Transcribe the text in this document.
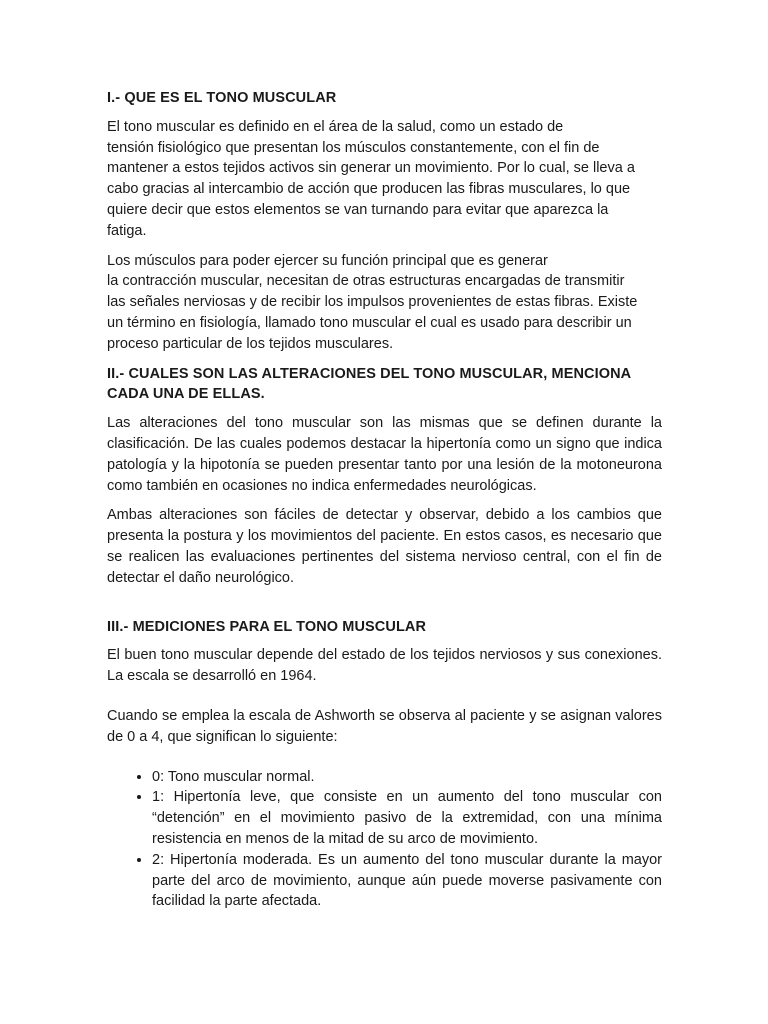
I.- QUE ES EL TONO MUSCULAR

El tono muscular es definido en el área de la salud, como un estado de
tensión fisiológico que presentan los músculos constantemente, con el fin de
mantener a estos tejidos activos sin generar un movimiento. Por lo cual, se lleva a
cabo gracias al intercambio de acción que producen las fibras musculares, lo que
quiere decir que estos elementos se van turnando para evitar que aparezca la
fatiga.

Los músculos para poder ejercer su función principal que es generar
la contracción muscular, necesitan de otras estructuras encargadas de transmitir
las señales nerviosas y de recibir los impulsos provenientes de estas fibras. Existe
un término en fisiología, llamado tono muscular el cual es usado para describir un
proceso particular de los tejidos musculares.

II.- CUALES SON LAS ALTERACIONES DEL TONO MUSCULAR, MENCIONA CADA UNA DE ELLAS.

Las alteraciones del tono muscular son las mismas que se definen durante la clasificación. De las cuales podemos destacar la hipertonía como un signo que indica patología y la hipotonía se pueden presentar tanto por una lesión de la motoneurona como también en ocasiones no indica enfermedades neurológicas.

Ambas alteraciones son fáciles de detectar y observar, debido a los cambios que presenta la postura y los movimientos del paciente. En estos casos, es necesario que se realicen las evaluaciones pertinentes del sistema nervioso central, con el fin de detectar el daño neurológico.

III.- MEDICIONES PARA EL TONO MUSCULAR

El buen tono muscular depende del estado de los tejidos nerviosos y sus conexiones. La escala se desarrolló en 1964.

Cuando se emplea la escala de Ashworth se observa al paciente y se asignan valores de 0 a 4, que significan lo siguiente:

• 0: Tono muscular normal.
• 1: Hipertonía leve, que consiste en un aumento del tono muscular con “detención” en el movimiento pasivo de la extremidad, con una mínima resistencia en menos de la mitad de su arco de movimiento.
• 2: Hipertonía moderada. Es un aumento del tono muscular durante la mayor parte del arco de movimiento, aunque aún puede moverse pasivamente con facilidad la parte afectada.
